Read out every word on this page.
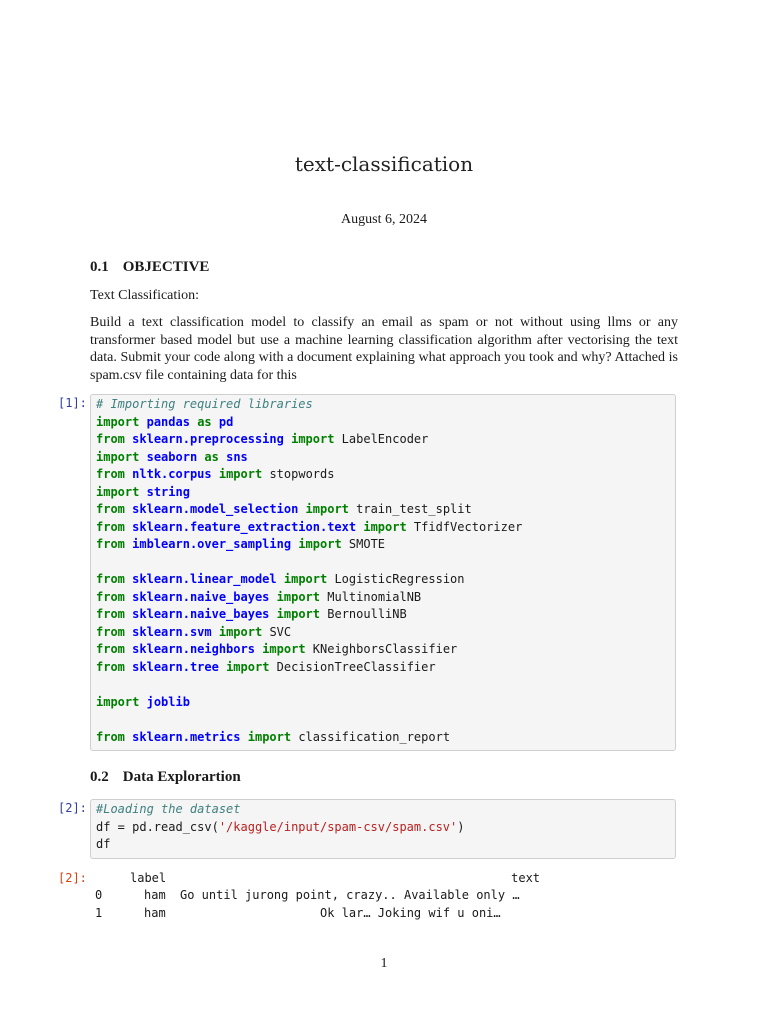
text-classification
August 6, 2024
0.1 OBJECTIVE
Text Classification:
Build a text classification model to classify an email as spam or not without using llms or any transformer based model but use a machine learning classification algorithm after vectorising the text data. Submit your code along with a document explaining what approach you took and why? Attached is spam.csv file containing data for this
[1]: # Importing required libraries
import pandas as pd
from sklearn.preprocessing import LabelEncoder
import seaborn as sns
from nltk.corpus import stopwords
import string
from sklearn.model_selection import train_test_split
from sklearn.feature_extraction.text import TfidfVectorizer
from imblearn.over_sampling import SMOTE
from sklearn.linear_model import LogisticRegression
from sklearn.naive_bayes import MultinomialNB
from sklearn.naive_bayes import BernoulliNB
from sklearn.svm import SVC
from sklearn.neighbors import KNeighborsClassifier
from sklearn.tree import DecisionTreeClassifier
import joblib
from sklearn.metrics import classification_report
0.2 Data Explorartion
[2]: #Loading the dataset
df = pd.read_csv('/kaggle/input/spam-csv/spam.csv')
df
[2]:	label	text
0	ham Go until jurong point, crazy.. Available only …
1	ham	Ok lar… Joking wif u oni…
1
